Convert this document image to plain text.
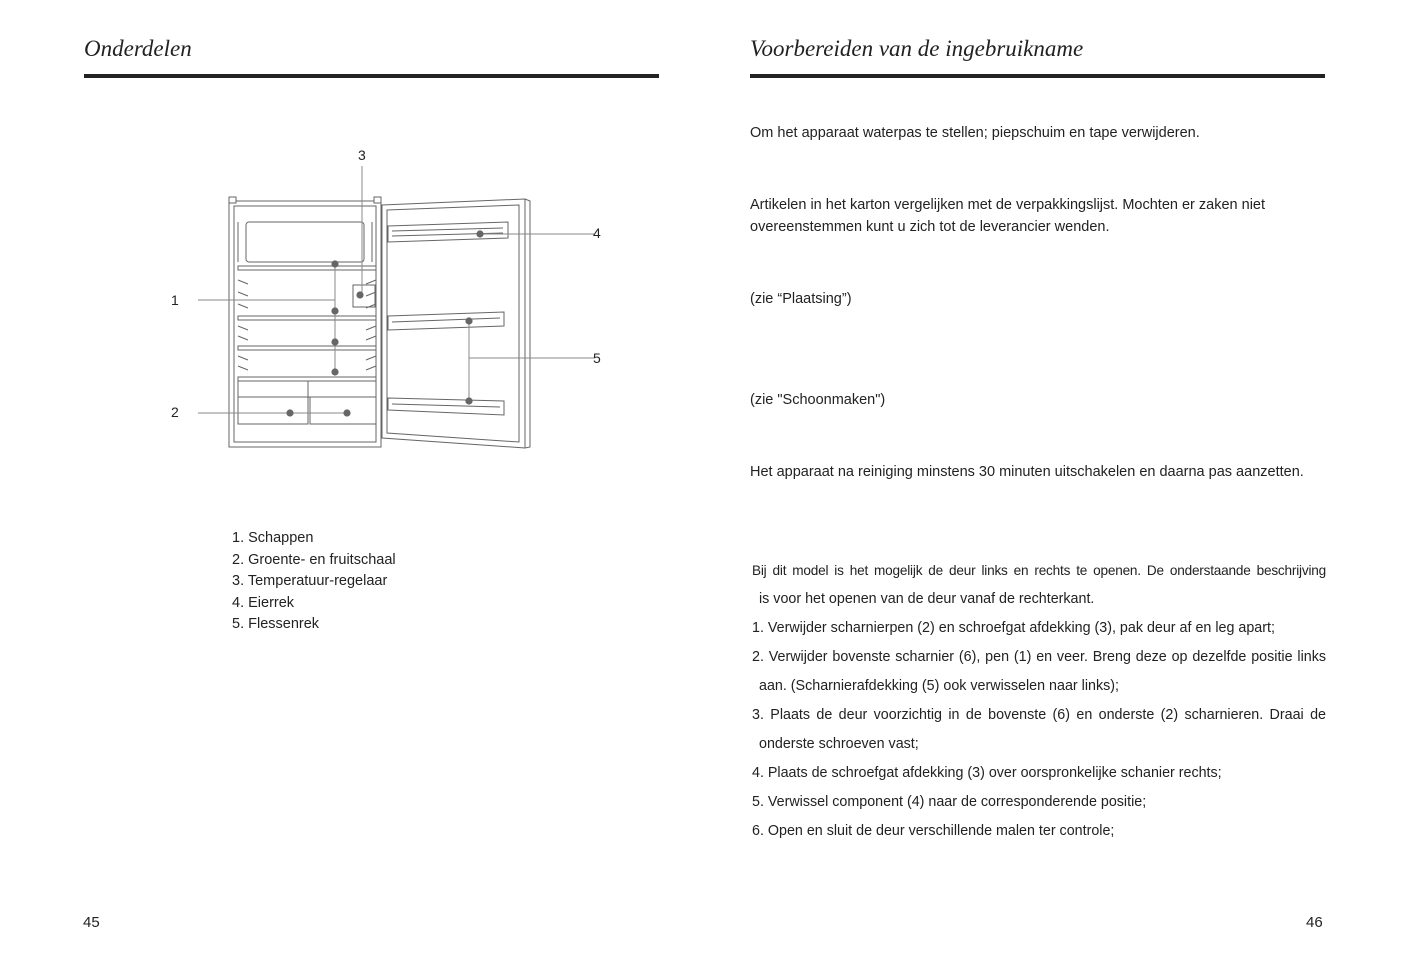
Onderdelen
1
2
3
4
5
1. Schappen
2. Groente- en fruitschaal
3. Temperatuur-regelaar
4. Eierrek
5. Flessenrek
45
Voorbereiden van de ingebruikname

Om het apparaat waterpas te stellen; piepschuim en tape verwijderen.

Artikelen in het karton vergelijken met de verpakkingslijst. Mochten er zaken niet overeenstemmen kunt u zich tot de leverancier wenden.

(zie “Plaatsing”)

(zie "Schoonmaken")

Het apparaat na reiniging minstens 30 minuten uitschakelen en daarna pas aanzetten.

Bij dit model is het mogelijk de deur links en rechts te openen. De onderstaande beschrijving
is voor het openen van de deur vanaf de rechterkant.
1. Verwijder scharnierpen (2) en schroefgat afdekking (3), pak deur af en leg apart;
2. Verwijder bovenste scharnier (6), pen (1) en veer. Breng deze op dezelfde positie links
aan. (Scharnierafdekking (5) ook verwisselen naar links);
3. Plaats de deur voorzichtig in de bovenste (6) en onderste (2) scharnieren. Draai de
onderste schroeven vast;
4. Plaats de schroefgat afdekking (3) over oorspronkelijke schanier rechts;
5. Verwissel component (4) naar de corresponderende positie;
6. Open en sluit de deur verschillende malen ter controle;
46
